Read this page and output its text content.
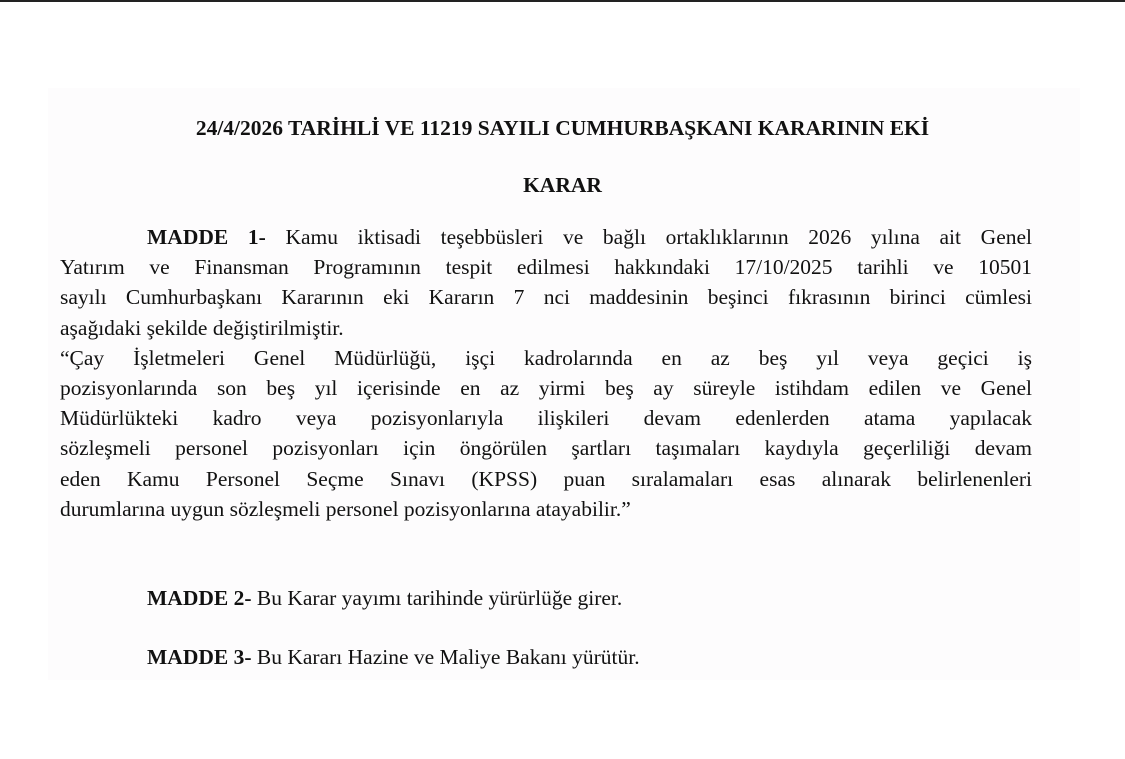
24/4/2026 TARİHLİ VE 11219 SAYILI CUMHURBAŞKANI KARARININ EKİ
KARAR

MADDE 1- Kamu iktisadi teşebbüsleri ve bağlı ortaklıklarının 2026 yılına ait Genel
Yatırım ve Finansman Programının tespit edilmesi hakkındaki 17/10/2025 tarihli ve 10501
sayılı Cumhurbaşkanı Kararının eki Kararın 7 nci maddesinin beşinci fıkrasının birinci cümlesi
aşağıdaki şekilde değiştirilmiştir.

“Çay İşletmeleri Genel Müdürlüğü, işçi kadrolarında en az beş yıl veya geçici iş
pozisyonlarında son beş yıl içerisinde en az yirmi beş ay süreyle istihdam edilen ve Genel
Müdürlükteki kadro veya pozisyonlarıyla ilişkileri devam edenlerden atama yapılacak
sözleşmeli personel pozisyonları için öngörülen şartları taşımaları kaydıyla geçerliliği devam
eden Kamu Personel Seçme Sınavı (KPSS) puan sıralamaları esas alınarak belirlenenleri
durumlarına uygun sözleşmeli personel pozisyonlarına atayabilir.”

MADDE 2- Bu Karar yayımı tarihinde yürürlüğe girer.

MADDE 3- Bu Kararı Hazine ve Maliye Bakanı yürütür.
